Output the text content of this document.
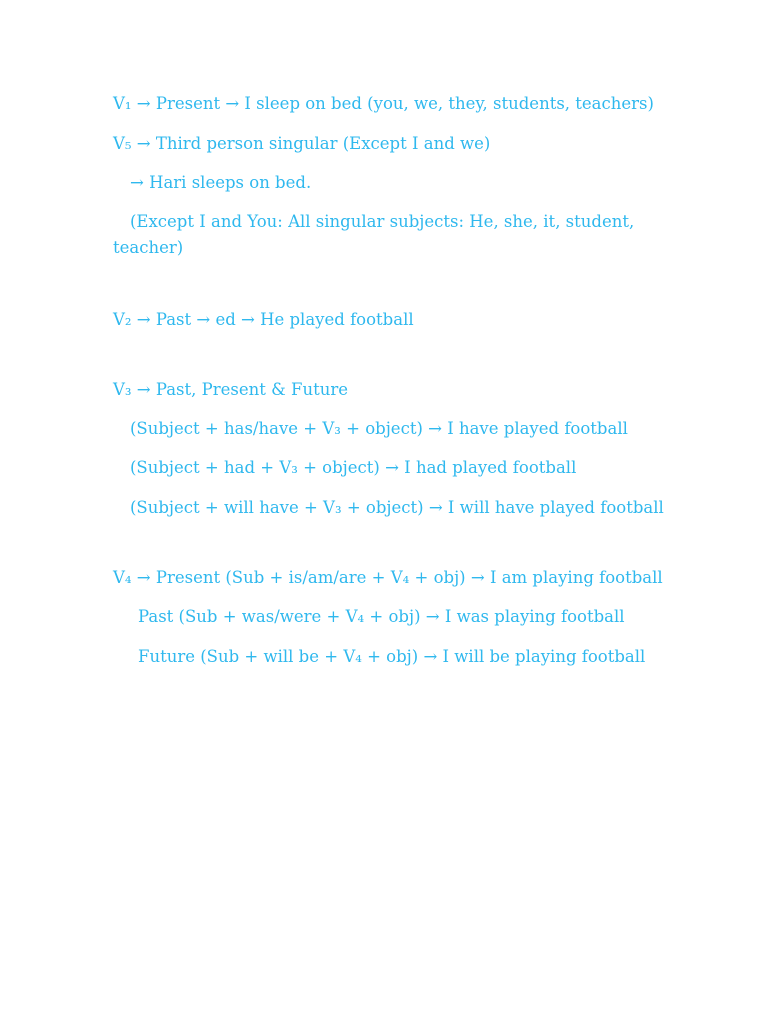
V₁ → Present → I sleep on bed (you, we, they, students, teachers)
V₅ → Third person singular (Except I and we)
→ Hari sleeps on bed.
(Except I and You: All singular subjects: He, she, it, student,
teacher)
V₂ → Past → ed → He played football
V₃ → Past, Present & Future
(Subject + has/have + V₃ + object) → I have played football
(Subject + had + V₃ + object) → I had played football
(Subject + will have + V₃ + object) → I will have played football
V₄ → Present (Sub + is/am/are + V₄ + obj) → I am playing football
Past (Sub + was/were + V₄ + obj) → I was playing football
Future (Sub + will be + V₄ + obj) → I will be playing football
